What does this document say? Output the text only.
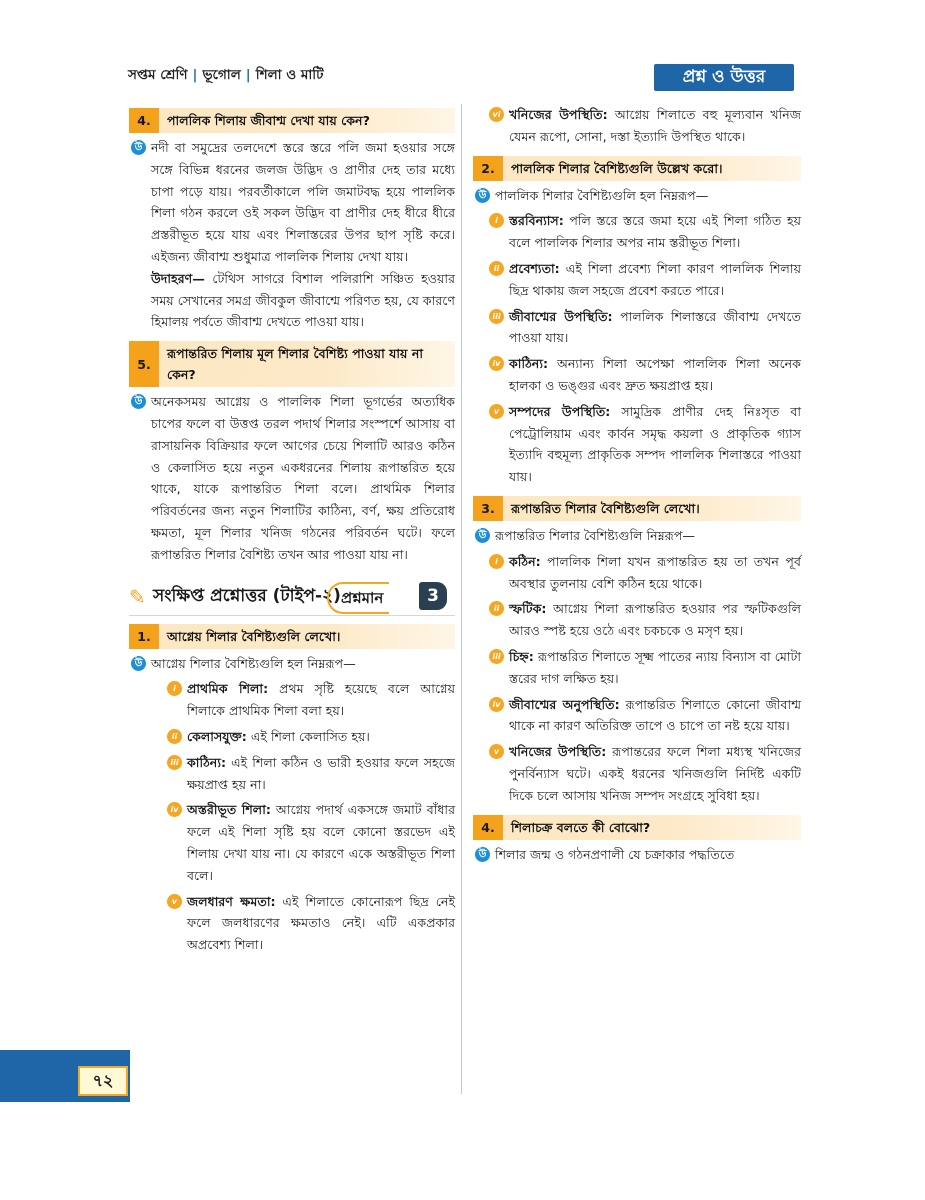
সপ্তম শ্রেণি | ভূগোল | শিলা ও মাটি	প্রশ্ন ও উত্তর
4.	পাললিক শিলায় জীবাশ্ম দেখা যায় কেন?
উ নদী বা সমুদ্রের তলদেশে স্তরে স্তরে পলি জমা হওয়ার সঙ্গে সঙ্গে বিভিন্ন ধরনের জলজ উদ্ভিদ ও প্রাণীর দেহ তার মধ্যে চাপা পড়ে যায়। পরবর্তীকালে পলি জমাটবদ্ধ হয়ে পাললিক শিলা গঠন করলে ওই সকল উদ্ভিদ বা প্রাণীর দেহ ধীরে ধীরে প্রস্তরীভূত হয়ে যায় এবং শিলাস্তরের উপর ছাপ সৃষ্টি করে। এইজন্য জীবাশ্ম শুধুমাত্র পাললিক শিলায় দেখা যায়।
উদাহরণ— টেথিস সাগরে বিশাল পলিরাশি সঞ্চিত হওয়ার সময় সেখানের সমগ্র জীবকুল জীবাশ্মে পরিণত হয়, যে কারণে হিমালয় পর্বতে জীবাশ্ম দেখতে পাওয়া যায়।
5.
রূপান্তরিত শিলায় মূল শিলার বৈশিষ্ট্য পাওয়া যায় না কেন?
উ অনেকসময় আগ্নেয় ও পাললিক শিলা ভূগর্ভের অত্যধিক চাপের ফলে বা উত্তপ্ত তরল পদার্থ শিলার সংস্পর্শে আসায় বা রাসায়নিক বিক্রিয়ার ফলে আগের চেয়ে শিলাটি আরও কঠিন ও কেলাসিত হয়ে নতুন একধরনের শিলায় রূপান্তরিত হয়ে থাকে, যাকে রূপান্তরিত শিলা বলে। প্রাথমিক শিলার পরিবর্তনের জন্য নতুন শিলাটির কাঠিন্য, বর্ণ, ক্ষয় প্রতিরোধ ক্ষমতা, মূল শিলার খনিজ গঠনের পরিবর্তন ঘটে। ফলে রূপান্তরিত শিলার বৈশিষ্ট্য তখন আর পাওয়া যায় না।
✎ সংক্ষিপ্ত প্রশ্নোত্তর (টাইপ-২) প্রশ্নমান	3
1.	আগ্নেয় শিলার বৈশিষ্ট্যগুলি লেখো।
উ আগ্নেয় শিলার বৈশিষ্ট্যগুলি হল নিম্নরূপ—
i প্রাথমিক শিলা: প্রথম সৃষ্টি হয়েছে বলে আগ্নেয় শিলাকে প্রাথমিক শিলা বলা হয়।
ii কেলাসযুক্ত: এই শিলা কেলাসিত হয়।
iii কাঠিন্য: এই শিলা কঠিন ও ভারী হওয়ার ফলে সহজে ক্ষয়প্রাপ্ত হয় না।
iv অস্তরীভূত শিলা: আগ্নেয় পদার্থ একসঙ্গে জমাট বাঁধার ফলে এই শিলা সৃষ্টি হয় বলে কোনো স্তরভেদ এই শিলায় দেখা যায় না। যে কারণে একে অস্তরীভূত শিলা বলে।
v জলধারণ ক্ষমতা: এই শিলাতে কোনোরূপ ছিদ্র নেই ফলে জলধারণের ক্ষমতাও নেই। এটি একপ্রকার অপ্রবেশ্য শিলা।
vi খনিজের উপস্থিতি: আগ্নেয় শিলাতে বহু মূল্যবান খনিজ যেমন রূপো, সোনা, দস্তা ইত্যাদি উপস্থিত থাকে।
2.	পাললিক শিলার বৈশিষ্ট্যগুলি উল্লেখ করো।
উ পাললিক শিলার বৈশিষ্ট্যগুলি হল নিম্নরূপ—
i স্তরবিন্যাস: পলি স্তরে স্তরে জমা হয়ে এই শিলা গঠিত হয় বলে পাললিক শিলার অপর নাম স্তরীভূত শিলা।
ii প্রবেশ্যতা: এই শিলা প্রবেশ্য শিলা কারণ পাললিক শিলায় ছিদ্র থাকায় জল সহজে প্রবেশ করতে পারে।
iii জীবাশ্মের উপস্থিতি: পাললিক শিলাস্তরে জীবাশ্ম দেখতে পাওয়া যায়।
iv কাঠিন্য: অন্যান্য শিলা অপেক্ষা পাললিক শিলা অনেক হালকা ও ভঙ্গুর এবং দ্রুত ক্ষয়প্রাপ্ত হয়।
v সম্পদের উপস্থিতি: সামুদ্রিক প্রাণীর দেহ নিঃসৃত বা পেট্রোলিয়াম এবং কার্বন সমৃদ্ধ কয়লা ও প্রাকৃতিক গ্যাস ইত্যাদি বহুমূল্য প্রাকৃতিক সম্পদ পাললিক শিলাস্তরে পাওয়া যায়।
3.	রূপান্তরিত শিলার বৈশিষ্ট্যগুলি লেখো।
উ রূপান্তরিত শিলার বৈশিষ্ট্যগুলি নিম্নরূপ—
i কঠিন: পাললিক শিলা যখন রূপান্তরিত হয় তা তখন পূর্ব অবস্থার তুলনায় বেশি কঠিন হয়ে থাকে।
ii স্ফটিক: আগ্নেয় শিলা রূপান্তরিত হওয়ার পর স্ফটিকগুলি আরও স্পষ্ট হয়ে ওঠে এবং চকচকে ও মসৃণ হয়।
iii চিহ্ন: রূপান্তরিত শিলাতে সূক্ষ্ম পাতের ন্যায় বিন্যাস বা মোটা স্তরের দাগ লক্ষিত হয়।
iv জীবাশ্মের অনুপস্থিতি: রূপান্তরিত শিলাতে কোনো জীবাশ্ম থাকে না কারণ অতিরিক্ত তাপে ও চাপে তা নষ্ট হয়ে যায়।
v খনিজের উপস্থিতি: রূপান্তরের ফলে শিলা মধ্যস্থ খনিজের পুনর্বিন্যাস ঘটে। একই ধরনের খনিজগুলি নির্দিষ্ট একটি দিকে চলে আসায় খনিজ সম্পদ সংগ্রহে সুবিধা হয়।
4.	শিলাচক্র বলতে কী বোঝো?
উ শিলার জন্ম ও গঠনপ্রণালী যে চক্রাকার পদ্ধতিতে
৭২
